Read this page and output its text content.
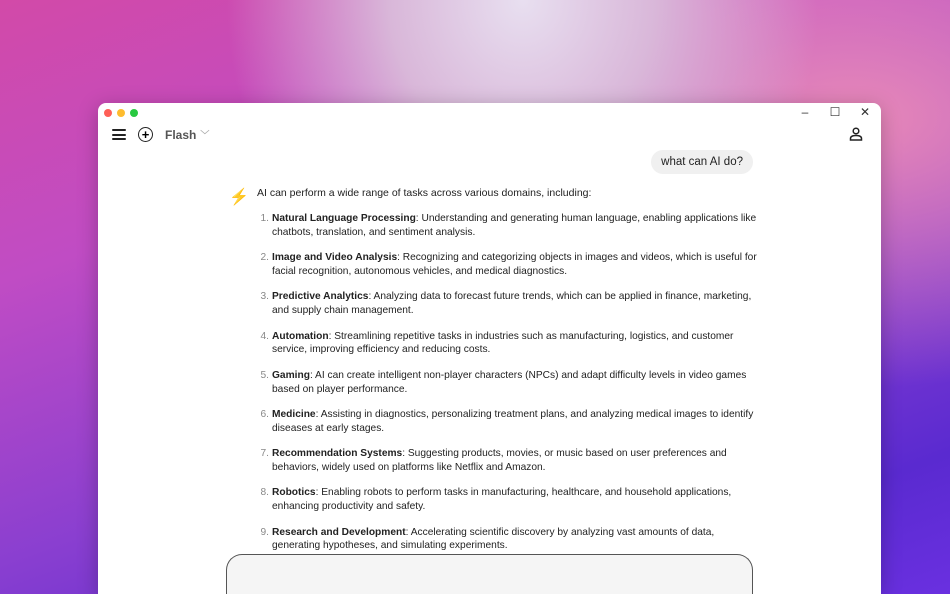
–	☐ ✕
+	Flash ﹀
what can AI do?
⚡ AI can perform a wide range of tasks across various domains, including:
1. Natural Language Processing: Understanding and generating human language, enabling applications like chatbots, translation, and sentiment analysis.
2. Image and Video Analysis: Recognizing and categorizing objects in images and videos, which is useful for facial recognition, autonomous vehicles, and medical diagnostics.
3. Predictive Analytics: Analyzing data to forecast future trends, which can be applied in finance, marketing, and supply chain management.
4. Automation: Streamlining repetitive tasks in industries such as manufacturing, logistics, and customer service, improving efficiency and reducing costs.
5. Gaming: AI can create intelligent non-player characters (NPCs) and adapt difficulty levels in video games based on player performance.
6. Medicine: Assisting in diagnostics, personalizing treatment plans, and analyzing medical images to identify diseases at early stages.
7. Recommendation Systems: Suggesting products, movies, or music based on user preferences and behaviors, widely used on platforms like Netflix and Amazon.
8. Robotics: Enabling robots to perform tasks in manufacturing, healthcare, and household applications, enhancing productivity and safety.
9. Research and Development: Accelerating scientific discovery by analyzing vast amounts of data, generating hypotheses, and simulating experiments.
